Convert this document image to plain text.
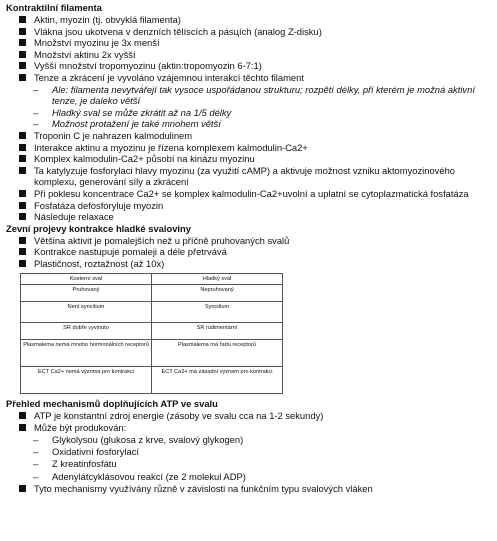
Kontraktilní filamenta
Aktin, myozin (tj. obvyklá filamenta)
Vlákna jsou ukotvena v denzních tělíscích a pásцích (analog Z-disku)
Množství myozinu je 3x menší
Množství aktinu 2x vyšší
Vyšší množství tropomyozinu (aktin:tropomyozin 6-7:1)
Tenze a zkrácení je vyvoláno vzájemnou interakcí těchto filament
– Ale: filamenta nevytvářejí tak vysoce uspořádanou strukturu; rozpětí délky, při kterém je možná aktivní tenze, je daleko větší
– Hladký sval se může zkrátit až na 1/5 délky
– Možnost protažení je také mnohem větší
Troponin C je nahrazen kalmodulinem
Interakce aktinu a myozinu je řízena komplexem kalmodulin-Ca2+
Komplex kalmodulin-Ca2+ působí na kinázu myozinu
Ta katylyzuje fosforylaci hlavy myozinu (za využití cAMP) a aktivuje možnost vzniku aktomyozinového komplexu, generování síly a zkrácení
Při poklesu koncentrace Ca2+ se komplex kalmodulin-Ca2+uvolní a uplatní se cytoplazmatická fosfatáza
Fosfatáza defosforyluje myozin
Následuje relaxace
Zevní projevy kontrakce hladké svaloviny
Většina aktivit je pomalejších než u příčně pruhovaných svalů
Kontrakce nastupuje pomaleji a déle přetrvává
Plastičnost, roztažnost (až 10x)
Kosterní sval	Hladký sval
Pruhovaný	Nepruhovaný
Není syncitium	Syncitium
SR dobře vyvinuto	SR rudimentární
Plasmalema nemá mnoho hormonálních receptorů	Plasmalema má řadu receptorů
ECT Ca2+ nemá význma pro kontrakci	ECT Ca2+ má zásadní význam pro kontrakci
Přehled mechanismů doplňujících ATP ve svalu
ATP je konstantní zdroj energie (zásoby ve svalu cca na 1-2 sekundy)
Může být produkován:
– Glykolysou (glukosa z krve, svalový glykogen)
– Oxidativní fosforylací
– Z kreatinfosfátu
– Adenylátcyklásovou reakcí (ze 2 molekul ADP)
Tyto mechanismy využívány různě v závislosti na funkčním typu svalových vláken
